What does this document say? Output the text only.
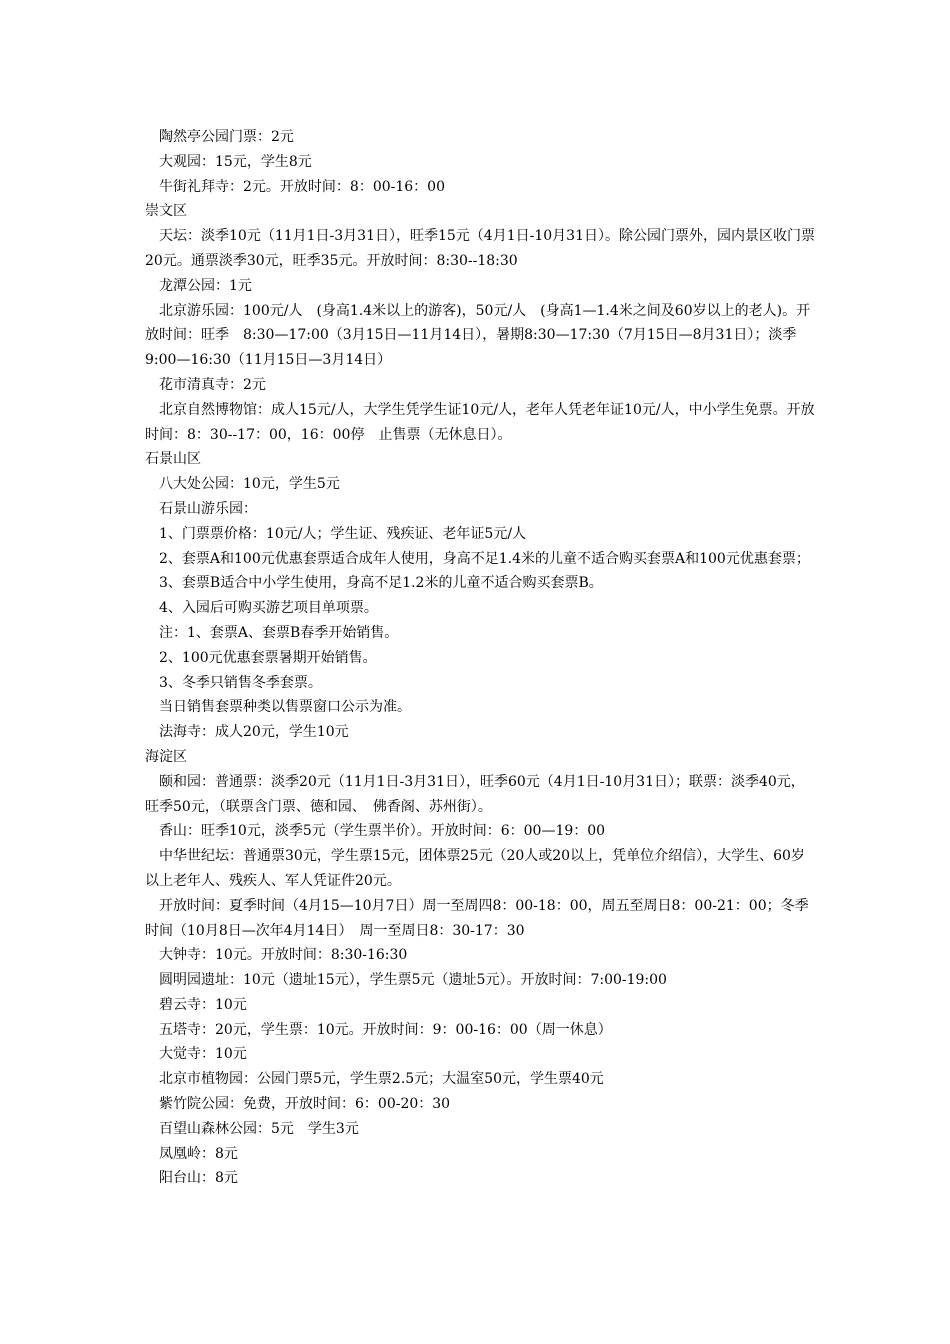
陶然亭公园门票：2元

大观园：15元，学生8元

牛街礼拜寺：2元。开放时间：8：00-16：00

崇文区

天坛：淡季10元（11月1日-3月31日），旺季15元（4月1日-10月31日）。除公园门票外，园内景区收门票20元。通票淡季30元，旺季35元。开放时间：8:30--18:30

龙潭公园：1元

北京游乐园：100元/人　(身高1.4米以上的游客)，50元/人　(身高1—1.4米之间及60岁以上的老人)。开放时间：旺季　8:30—17:00（3月15日—11月14日），暑期8:30—17:30（7月15日—8月31日）；淡季　9:00—16:30（11月15日—3月14日）

花市清真寺：2元

北京自然博物馆：成人15元/人，大学生凭学生证10元/人，老年人凭老年证10元/人，中小学生免票。开放时间：8：30--17：00，16：00停　止售票（无休息日）。

石景山区

八大处公园：10元，学生5元

石景山游乐园：

1、门票票价格：10元/人；学生证、残疾证、老年证5元/人

2、套票A和100元优惠套票适合成年人使用，身高不足1.4米的儿童不适合购买套票A和100元优惠套票；

3、套票B适合中小学生使用，身高不足1.2米的儿童不适合购买套票B。

4、入园后可购买游艺项目单项票。

注：1、套票A、套票B春季开始销售。

2、100元优惠套票暑期开始销售。

3、冬季只销售冬季套票。

当日销售套票种类以售票窗口公示为准。

法海寺：成人20元，学生10元

海淀区

颐和园：普通票：淡季20元（11月1日-3月31日），旺季60元（4月1日-10月31日）；联票：淡季40元，旺季50元，（联票含门票、德和园、　佛香阁、苏州街）。

香山：旺季10元，淡季5元（学生票半价）。开放时间：6：00—19：00

中华世纪坛：普通票30元，学生票15元，团体票25元（20人或20以上，凭单位介绍信），大学生、60岁以上老年人、残疾人、军人凭证件20元。

开放时间：夏季时间（4月15—10月7日）周一至周四8：00-18：00，周五至周日8：00-21：00；冬季时间（10月8日—次年4月14日）　周一至周日8：30-17：30

大钟寺：10元。开放时间：8:30-16:30

圆明园遗址：10元（遗址15元），学生票5元（遗址5元）。开放时间：7:00-19:00

碧云寺：10元

五塔寺：20元，学生票：10元。开放时间：9：00-16：00（周一休息）

大觉寺：10元

北京市植物园：公园门票5元，学生票2.5元；大温室50元，学生票40元

紫竹院公园：免费，开放时间：6：00-20：30

百望山森林公园：5元　学生3元

凤凰岭：8元

阳台山：8元
